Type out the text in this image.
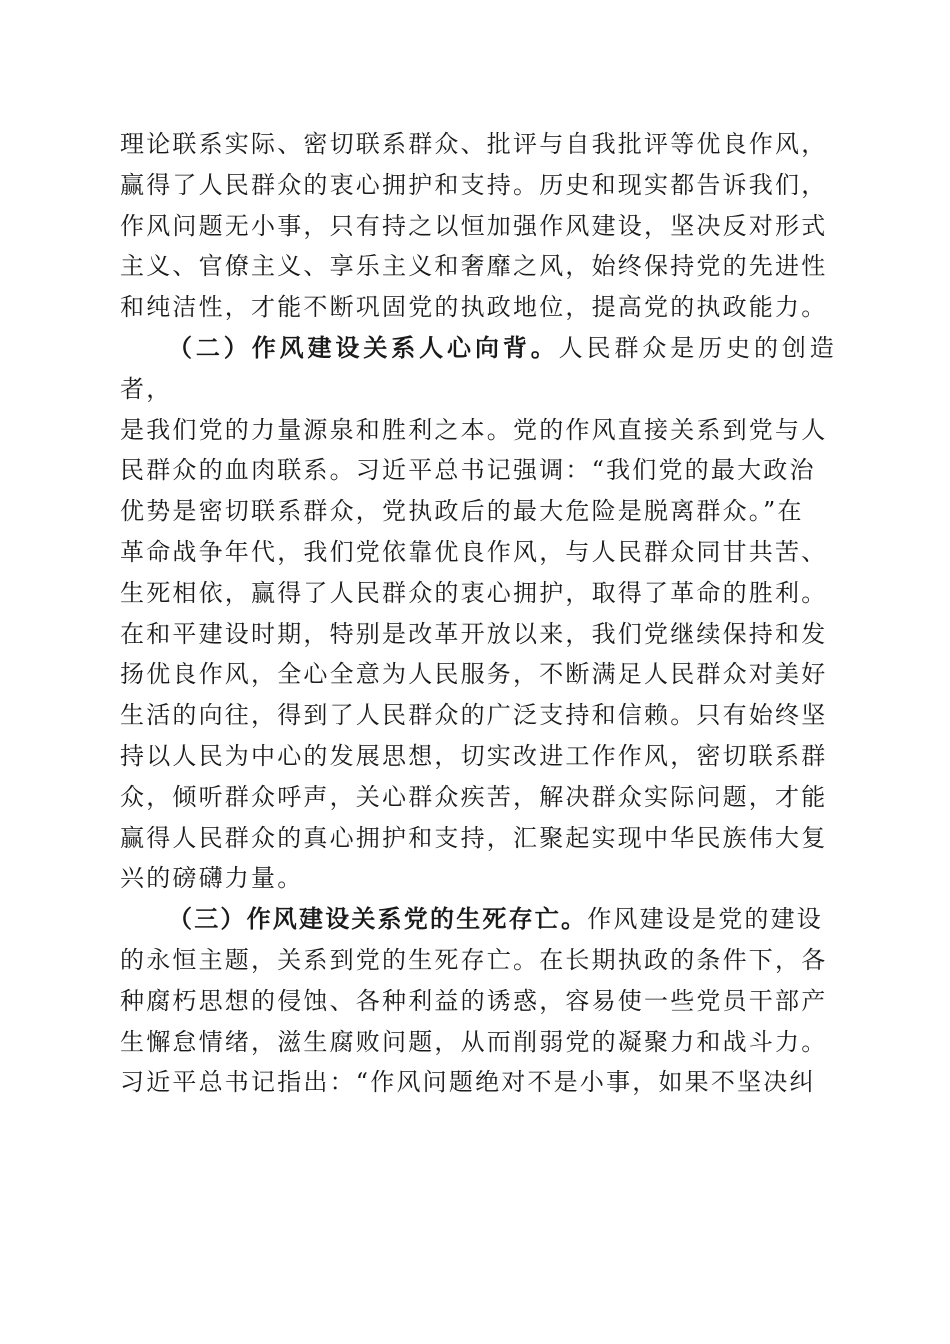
理论联系实际、密切联系群众、批评与自我批评等优良作风，
赢得了人民群众的衷心拥护和支持。历史和现实都告诉我们，
作风问题无小事，只有持之以恒加强作风建设，坚决反对形式
主义、官僚主义、享乐主义和奢靡之风，始终保持党的先进性
和纯洁性，才能不断巩固党的执政地位，提高党的执政能力。

（二）作风建设关系人心向背。人民群众是历史的创造者，
是我们党的力量源泉和胜利之本。党的作风直接关系到党与人
民群众的血肉联系。习近平总书记强调：“我们党的最大政治
优势是密切联系群众，党执政后的最大危险是脱离群众。”在
革命战争年代，我们党依靠优良作风，与人民群众同甘共苦、
生死相依，赢得了人民群众的衷心拥护，取得了革命的胜利。
在和平建设时期，特别是改革开放以来，我们党继续保持和发
扬优良作风，全心全意为人民服务，不断满足人民群众对美好
生活的向往，得到了人民群众的广泛支持和信赖。只有始终坚
持以人民为中心的发展思想，切实改进工作作风，密切联系群
众，倾听群众呼声，关心群众疾苦，解决群众实际问题，才能
赢得人民群众的真心拥护和支持，汇聚起实现中华民族伟大复
兴的磅礴力量。

（三）作风建设关系党的生死存亡。作风建设是党的建设
的永恒主题，关系到党的生死存亡。在长期执政的条件下，各
种腐朽思想的侵蚀、各种利益的诱惑，容易使一些党员干部产
生懈怠情绪，滋生腐败问题，从而削弱党的凝聚力和战斗力。
习近平总书记指出：“作风问题绝对不是小事，如果不坚决纠
